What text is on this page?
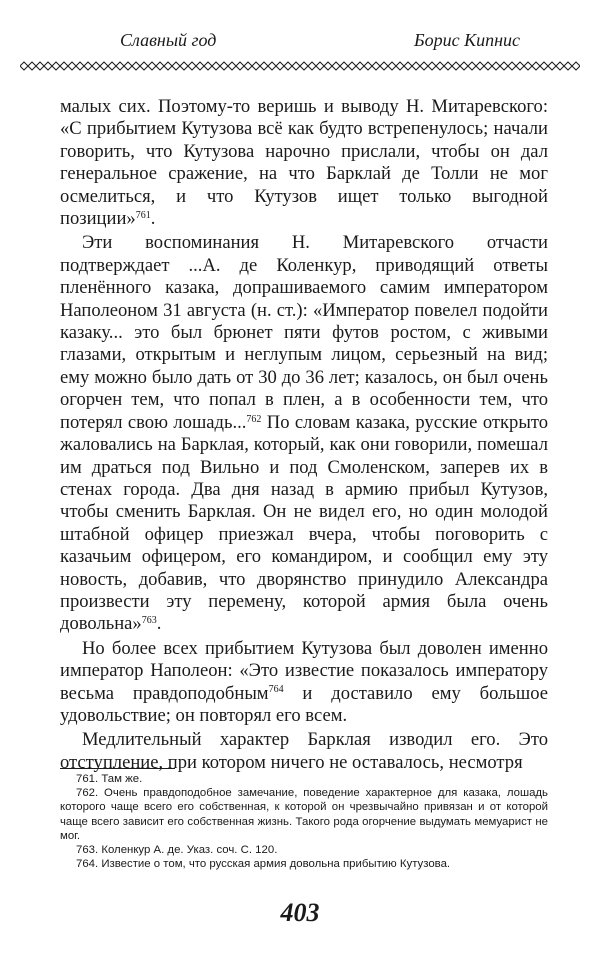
Славный год	Борис Кипнис

малых сих. Поэтому-то веришь и выводу Н. Митаревского: «С прибытием Кутузова всё как будто встрепенулось; начали говорить, что Кутузова нарочно прислали, чтобы он дал генеральное сражение, на что Барклай де Толли не мог осмелиться, и что Кутузов ищет только выгодной позиции»$^{761}$.

Эти воспоминания Н. Митаревского отчасти подтверждает ...А. де Коленкур, приводящий ответы пленённого казака, допрашиваемого самим императором Наполеоном 31 августа (н. ст.): «Император повелел подойти казаку... это был брюнет пяти футов ростом, с живыми глазами, открытым и неглупым лицом, серьезный на вид; ему можно было дать от 30 до 36 лет; казалось, он был очень огорчен тем, что попал в плен, а в особенности тем, что потерял свою лошадь...$^{762}$ По словам казака, русские открыто жаловались на Барклая, который, как они говорили, помешал им драться под Вильно и под Смоленском, заперев их в стенах города. Два дня назад в армию прибыл Кутузов, чтобы сменить Барклая. Он не видел его, но один молодой штабной офицер приезжал вчера, чтобы поговорить с казачьим офицером, его командиром, и сообщил ему эту новость, добавив, что дворянство принудило Александра произвести эту перемену, которой армия была очень довольна»$^{763}$.

Но более всех прибытием Кутузова был доволен именно император Наполеон: «Это известие показалось императору весьма правдоподобным$^{764}$ и доставило ему большое удовольствие; он повторял его всем.

Медлительный характер Барклая изводил его. Это отступление, при котором ничего не оставалось, несмотря

761. Там же.

762. Очень правдоподобное замечание, поведение характерное для казака, лошадь которого чаще всего его собственная, к которой он чрезвычайно привязан и от которой чаще всего зависит его собственная жизнь. Такого рода огорчение выдумать мемуарист не мог.

763. Коленкур А. де. Указ. соч. С. 120.

764. Известие о том, что русская армия довольна прибытию Кутузова.

403
